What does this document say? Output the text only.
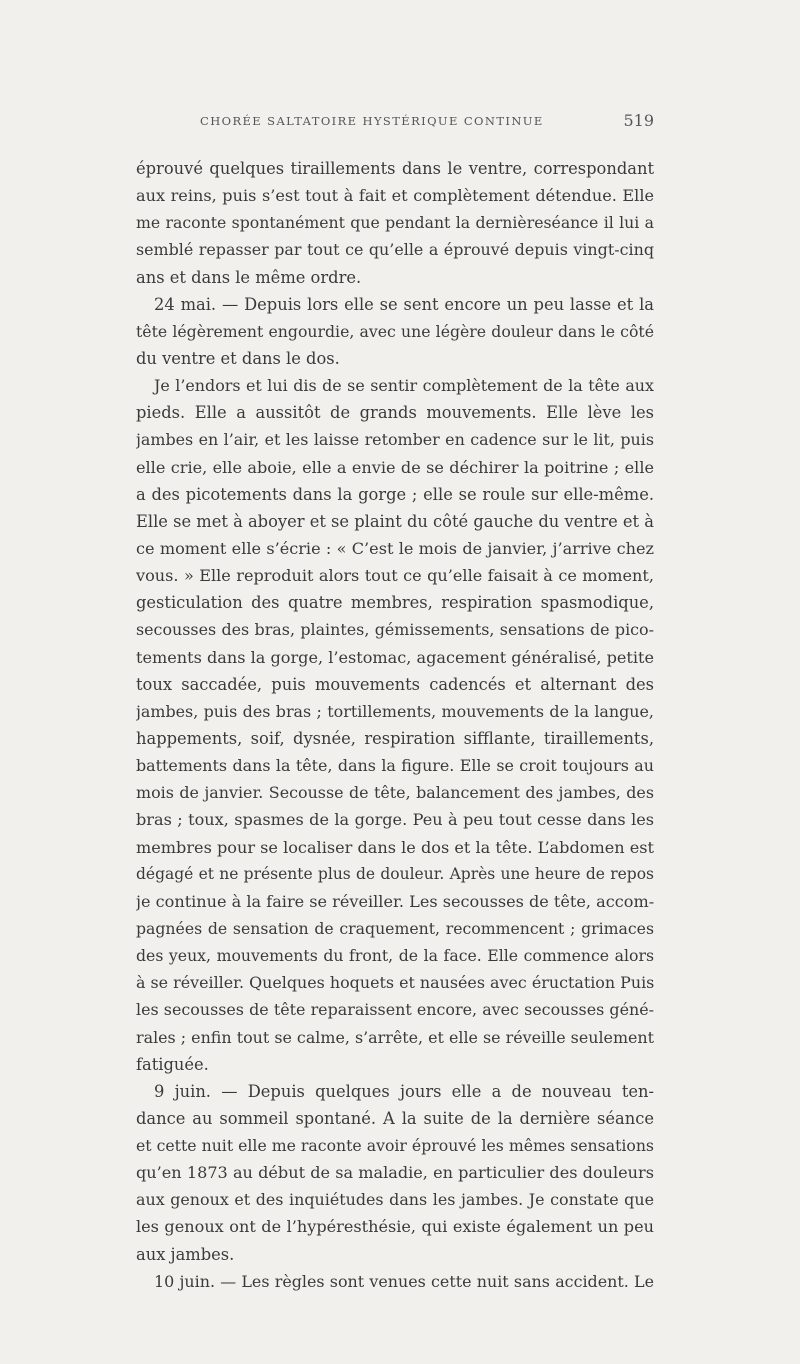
CHORÉE SALTATOIRE HYSTÉRIQUE CONTINUE	519
éprouvé quelques tiraillements dans le ventre, correspondant
aux reins, puis s’est tout à fait et complètement détendue. Elle
me raconte spontanément que pendant la dernièreséance il lui a
semblé repasser par tout ce qu’elle a éprouvé depuis vingt-cinq
ans et dans le même ordre.
24 mai. — Depuis lors elle se sent encore un peu lasse et la
tête légèrement engourdie, avec une légère douleur dans le côté
du ventre et dans le dos.
Je l’endors et lui dis de se sentir complètement de la tête aux
pieds. Elle a aussitôt de grands mouvements. Elle lève les
jambes en l’air, et les laisse retomber en cadence sur le lit, puis
elle crie, elle aboie, elle a envie de se déchirer la poitrine ; elle
a des picotements dans la gorge ; elle se roule sur elle-même.
Elle se met à aboyer et se plaint du côté gauche du ventre et à
ce moment elle s’écrie : « C’est le mois de janvier, j’arrive chez
vous. » Elle reproduit alors tout ce qu’elle faisait à ce moment,
gesticulation des quatre membres, respiration spasmodique,
secousses des bras, plaintes, gémissements, sensations de pico-
tements dans la gorge, l’estomac, agacement généralisé, petite
toux saccadée, puis mouvements cadencés et alternant des
jambes, puis des bras ; tortillements, mouvements de la langue,
happements, soif, dysnée, respiration sifflante, tiraillements,
battements dans la tête, dans la figure. Elle se croit toujours au
mois de janvier. Secousse de tête, balancement des jambes, des
bras ; toux, spasmes de la gorge. Peu à peu tout cesse dans les
membres pour se localiser dans le dos et la tête. L’abdomen est
dégagé et ne présente plus de douleur. Après une heure de repos
je continue à la faire se réveiller. Les secousses de tête, accom-
pagnées de sensation de craquement, recommencent ; grimaces
des yeux, mouvements du front, de la face. Elle commence alors
à se réveiller. Quelques hoquets et nausées avec éructation Puis
les secousses de tête reparaissent encore, avec secousses géné-
rales ; enfin tout se calme, s’arrête, et elle se réveille seulement
fatiguée.
9 juin. — Depuis quelques jours elle a de nouveau ten-
dance au sommeil spontané. A la suite de la dernière séance
et cette nuit elle me raconte avoir éprouvé les mêmes sensations
qu’en 1873 au début de sa maladie, en particulier des douleurs
aux genoux et des inquiétudes dans les jambes. Je constate que
les genoux ont de l’hypéresthésie, qui existe également un peu
aux jambes.
10 juin. — Les règles sont venues cette nuit sans accident. Le
